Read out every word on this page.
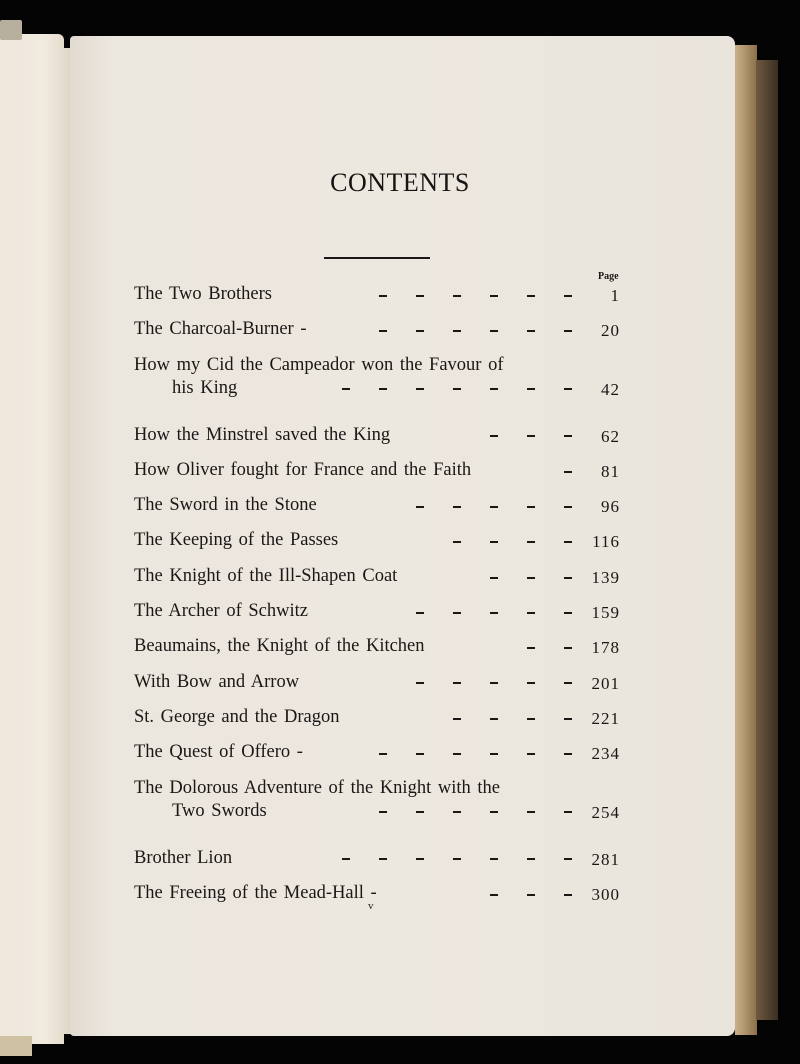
CONTENTS
Page
The Two Brothers	1
The Charcoal-Burner -	20
How my Cid the Campeador won the Favour of
his King	42
How the Minstrel saved the King	62
How Oliver fought for France and the Faith	81
The Sword in the Stone	96
The Keeping of the Passes	116
The Knight of the Ill-Shapen Coat	139
The Archer of Schwitz	159
Beaumains, the Knight of the Kitchen	178
With Bow and Arrow	201
St. George and the Dragon	221
The Quest of Offero -	234
The Dolorous Adventure of the Knight with the
Two Swords	254
Brother Lion	281
The Freeing of the Mead-Hall -	300
v
